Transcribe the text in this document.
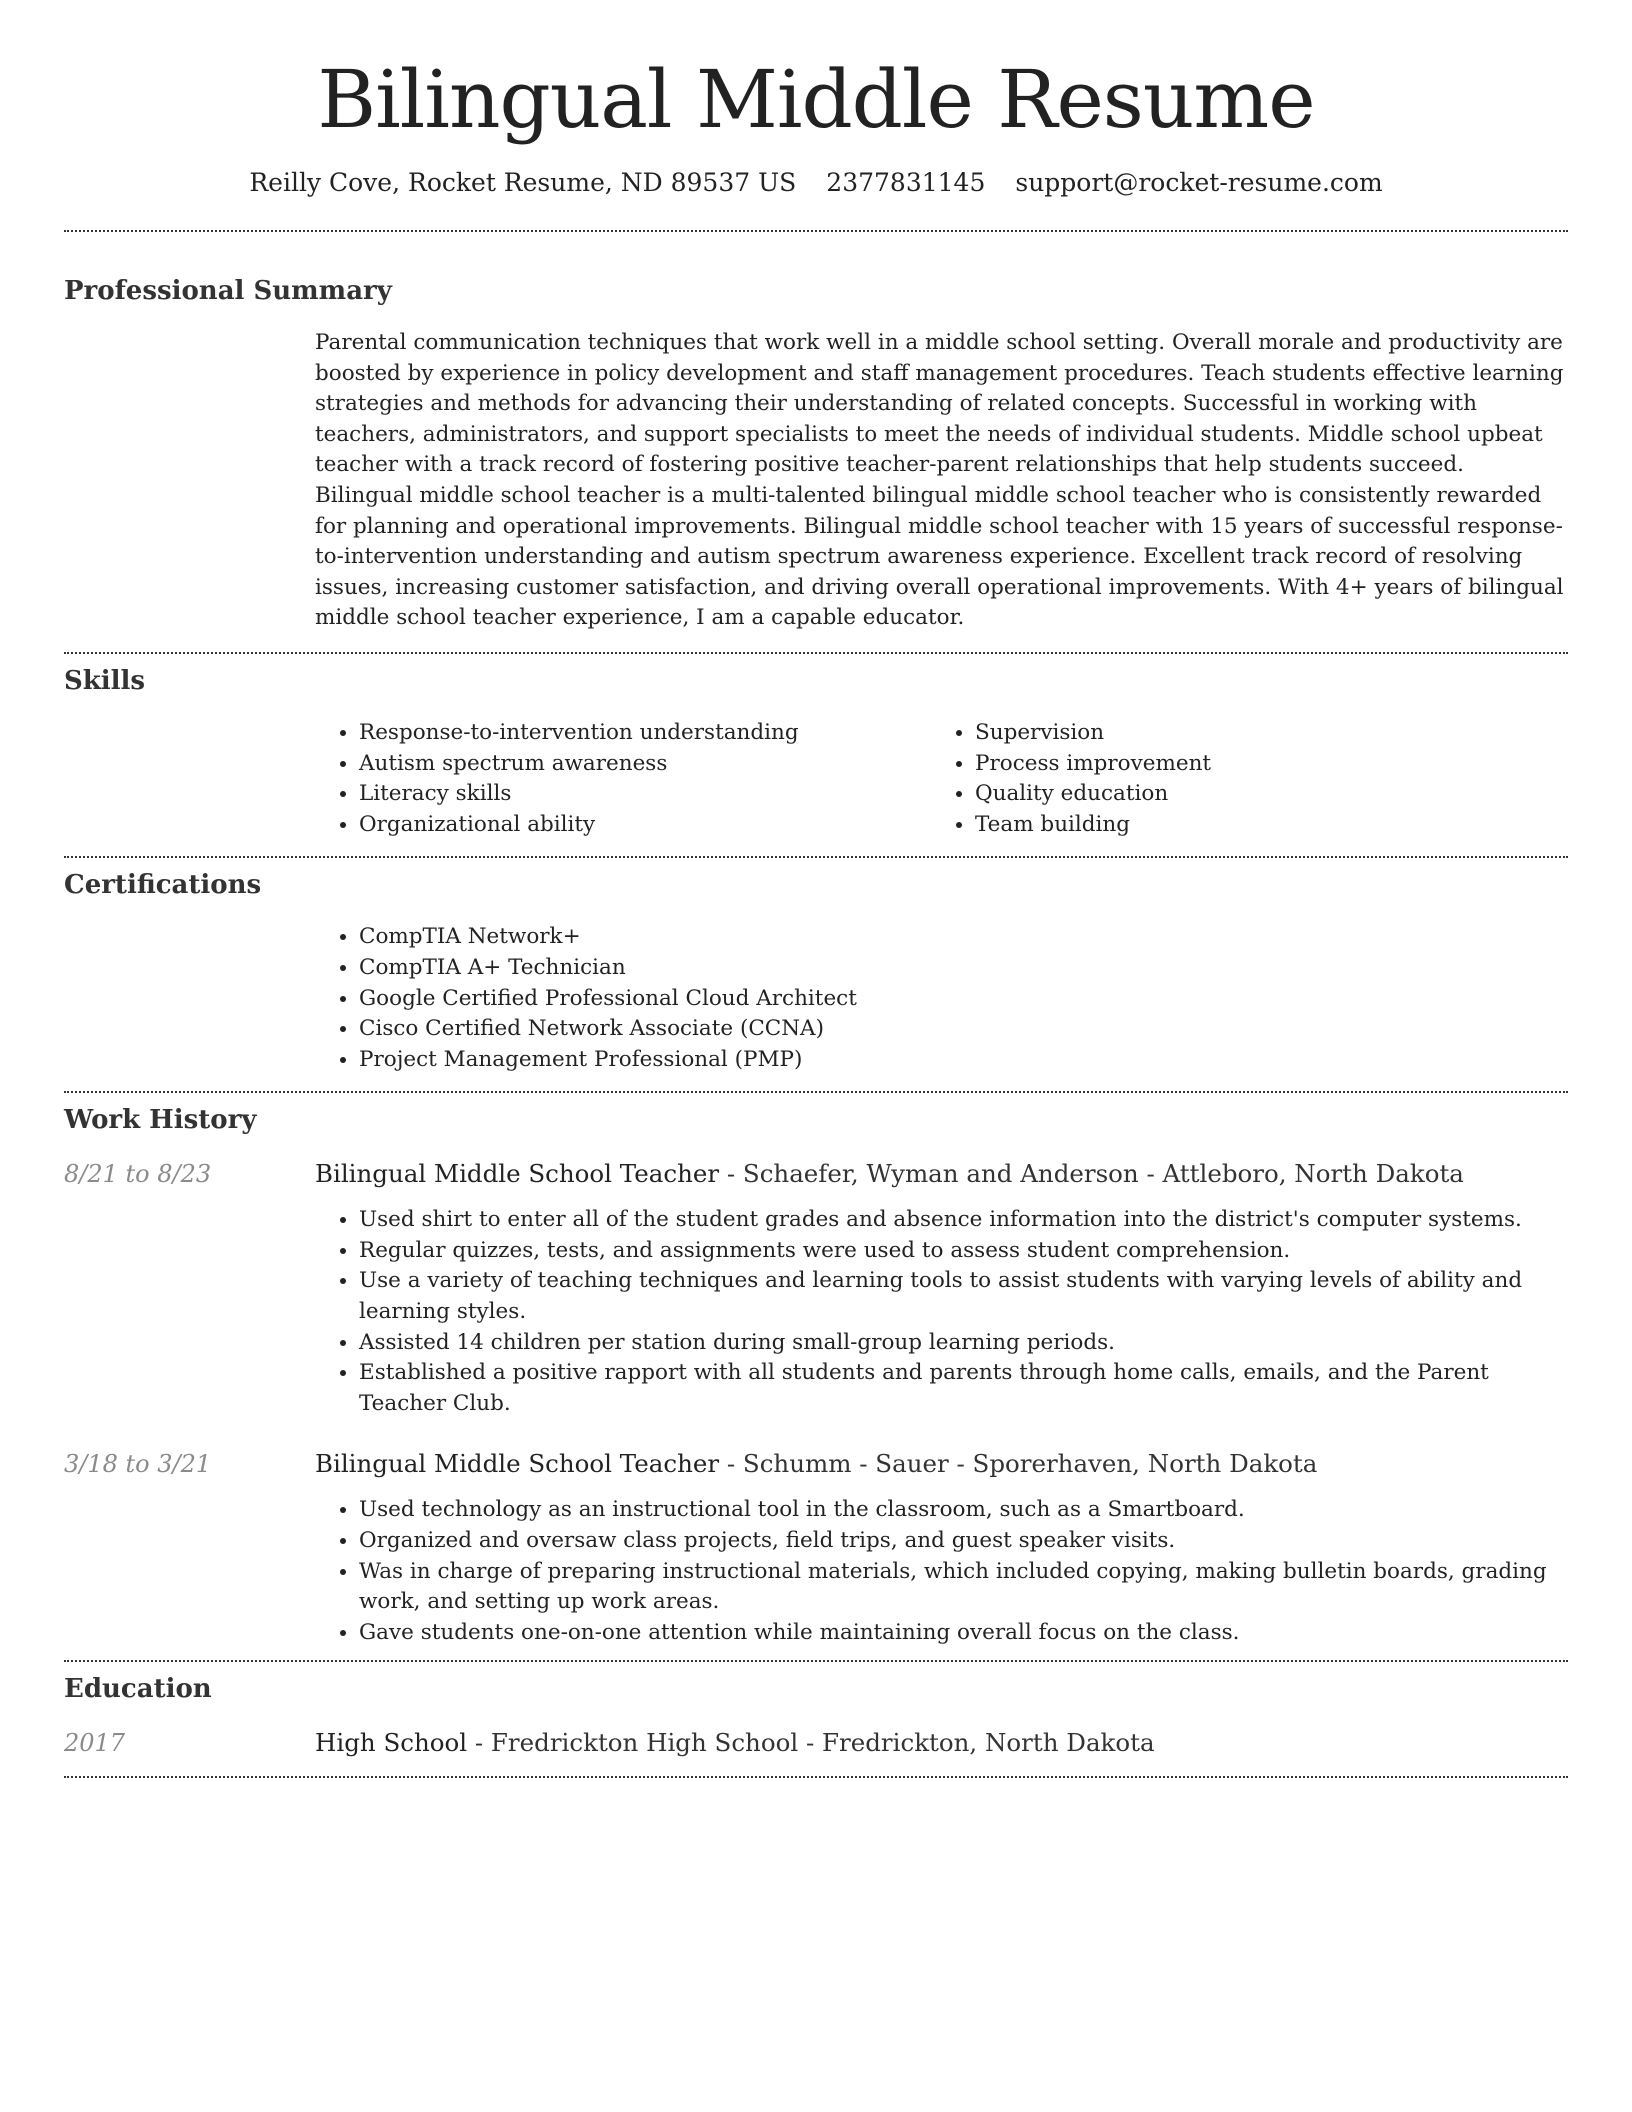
Bilingual Middle Resume
Reilly Cove, Rocket Resume, ND 89537 US 2377831145 support@rocket-resume.com
Professional Summary

Parental communication techniques that work well in a middle school setting. Overall morale and productivity are boosted by experience in policy development and staff management procedures. Teach students effective learning strategies and methods for advancing their understanding of related concepts. Successful in working with teachers, administrators, and support specialists to meet the needs of individual students. Middle school upbeat teacher with a track record of fostering positive teacher-parent relationships that help students succeed. Bilingual middle school teacher is a multi-talented bilingual middle school teacher who is consistently rewarded for planning and operational improvements. Bilingual middle school teacher with 15 years of successful response-to-intervention understanding and autism spectrum awareness experience. Excellent track record of resolving issues, increasing customer satisfaction, and driving overall operational improvements. With 4+ years of bilingual middle school teacher experience, I am a capable educator.

Skills
• Response-to-intervention understanding
• Autism spectrum awareness
• Literacy skills
• Organizational ability
• Supervision
• Process improvement
• Quality education
• Team building
Certifications
• CompTIA Network+
• CompTIA A+ Technician
• Google Certified Professional Cloud Architect
• Cisco Certified Network Associate (CCNA)
• Project Management Professional (PMP)
Work History
8/21 to 8/23	Bilingual Middle School Teacher - Schaefer, Wyman and Anderson - Attleboro, North Dakota
• Used shirt to enter all of the student grades and absence information into the district's computer systems.
• Regular quizzes, tests, and assignments were used to assess student comprehension.
• Use a variety of teaching techniques and learning tools to assist students with varying levels of ability and learning styles.
• Assisted 14 children per station during small-group learning periods.
• Established a positive rapport with all students and parents through home calls, emails, and the Parent Teacher Club.
3/18 to 3/21	Bilingual Middle School Teacher - Schumm - Sauer - Sporerhaven, North Dakota
• Used technology as an instructional tool in the classroom, such as a Smartboard.
• Organized and oversaw class projects, field trips, and guest speaker visits.
• Was in charge of preparing instructional materials, which included copying, making bulletin boards, grading work, and setting up work areas.
• Gave students one-on-one attention while maintaining overall focus on the class.
Education
2017	High School - Fredrickton High School - Fredrickton, North Dakota
